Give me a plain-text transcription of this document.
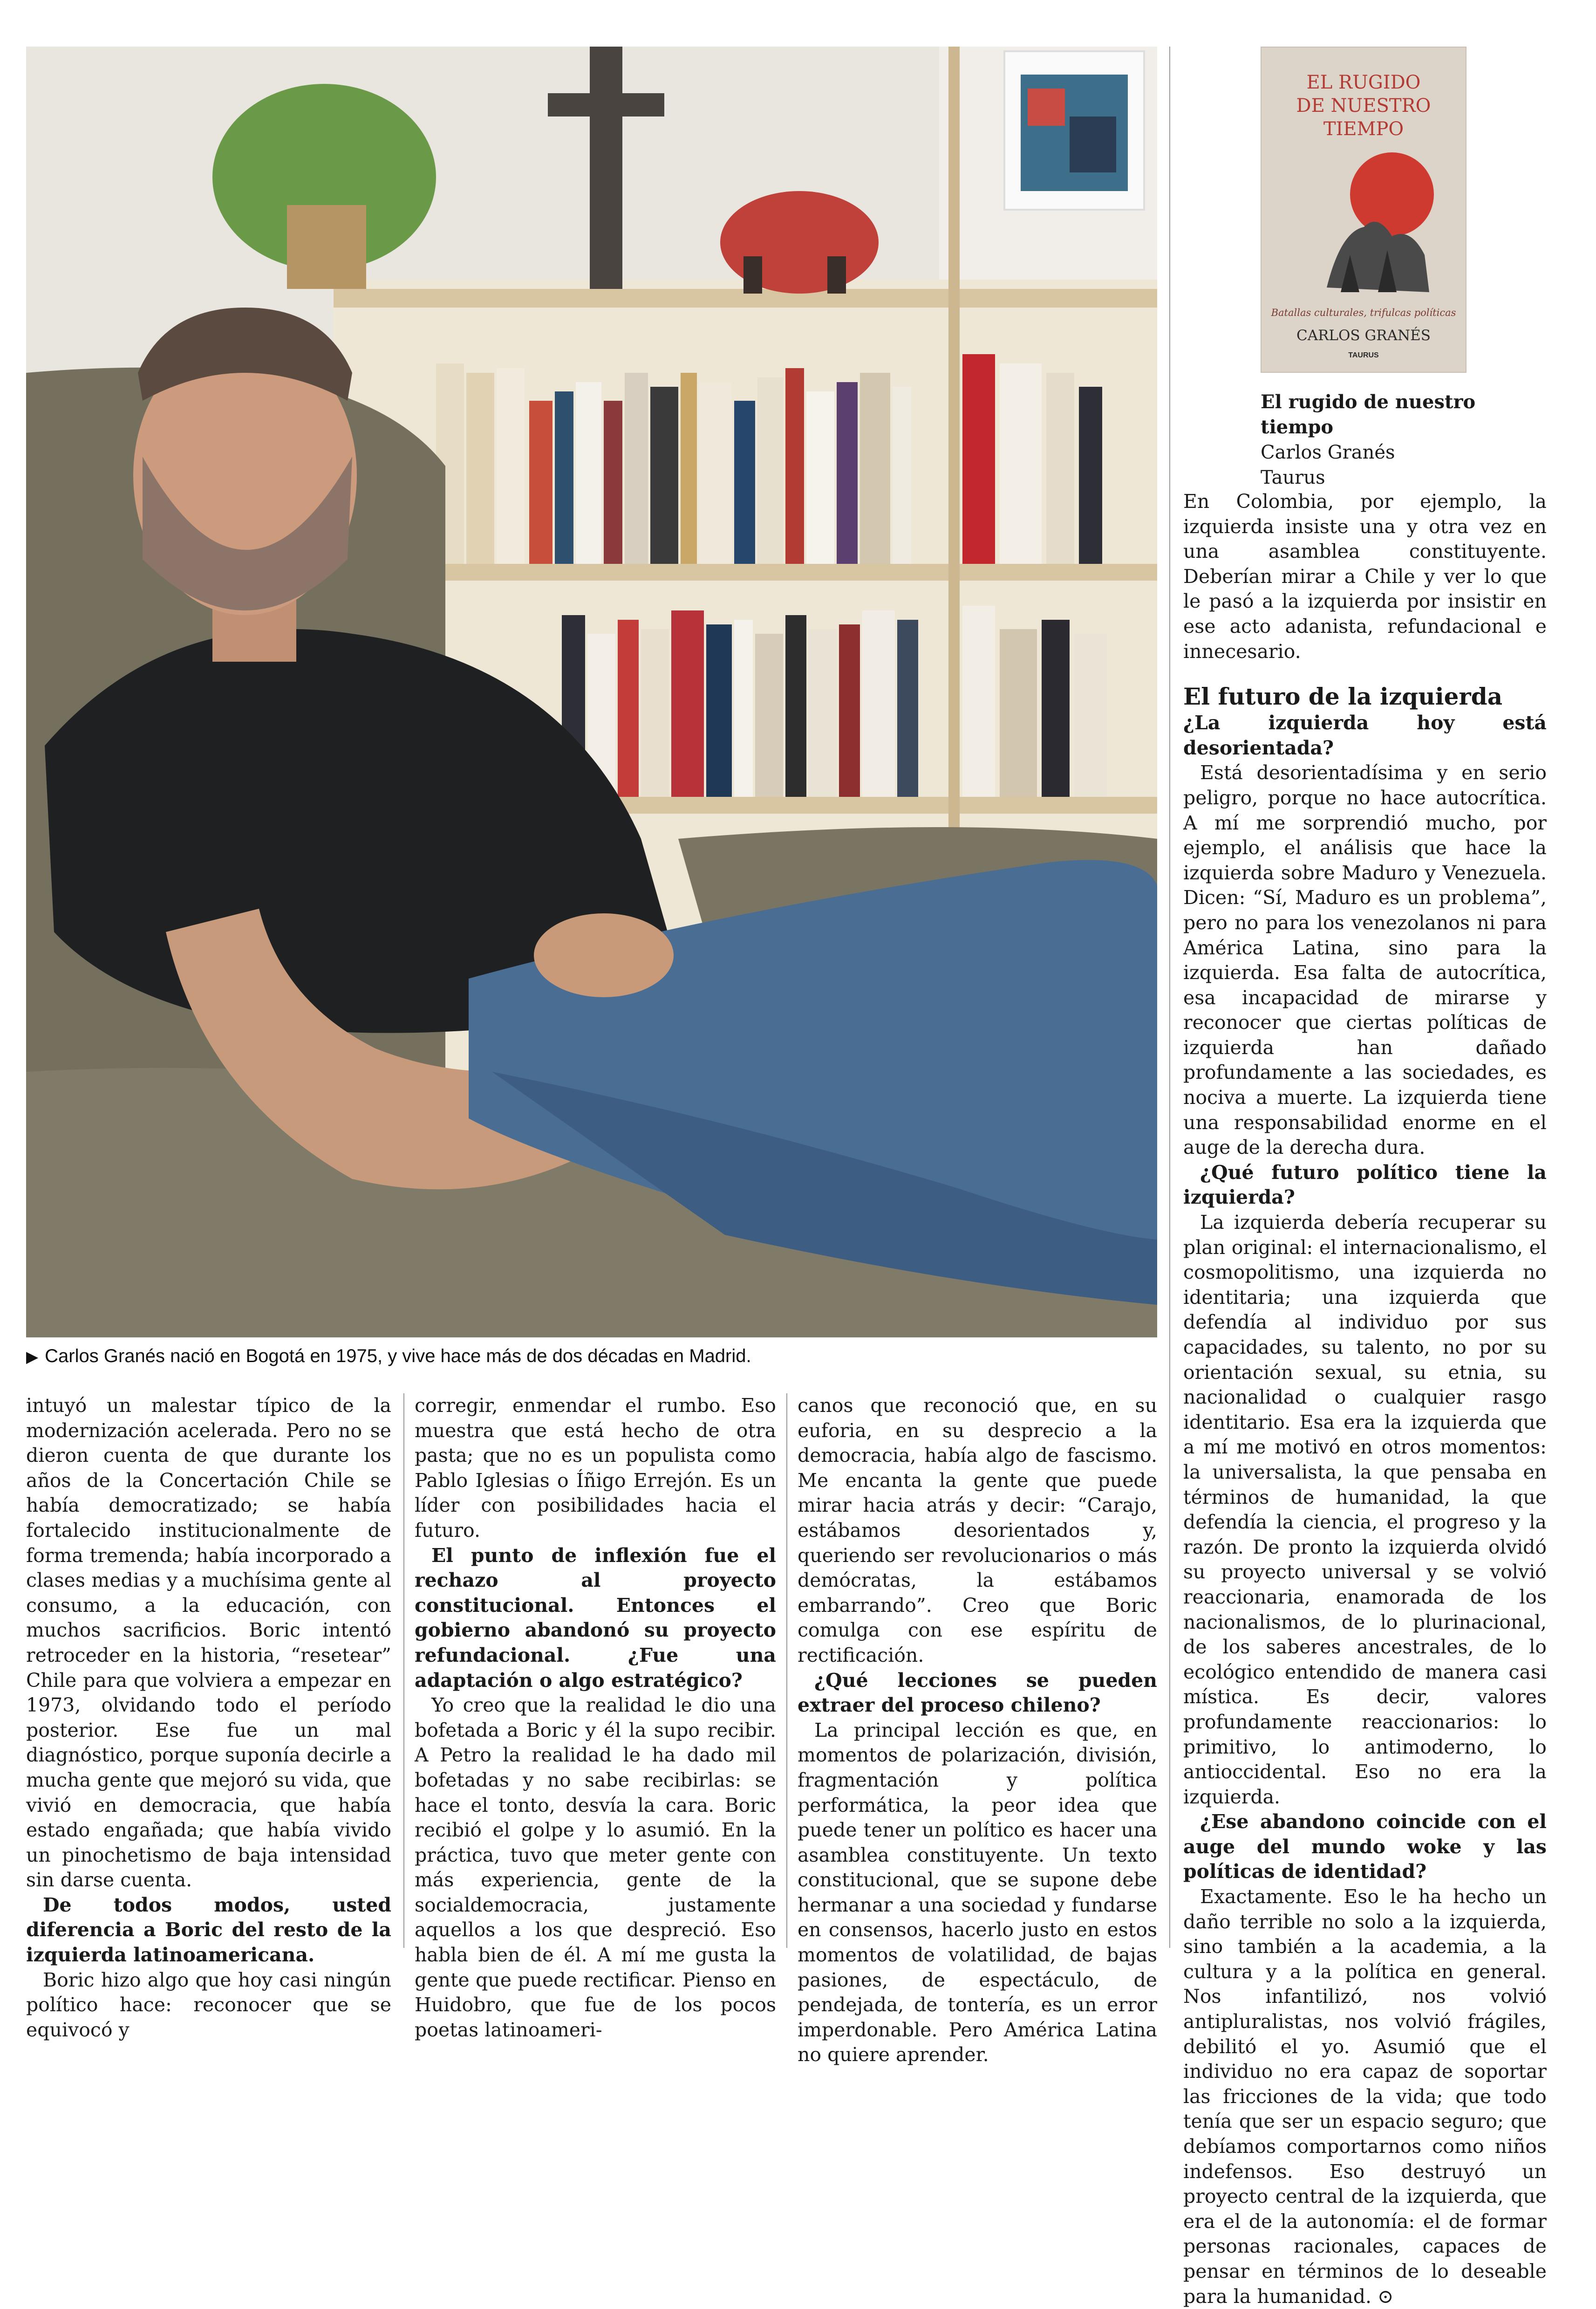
▶ Carlos Granés nació en Bogotá en 1975, y vive hace más de dos décadas en Madrid.
EL RUGIDO
DE NUESTRO
TIEMPO
Batallas culturales, trifulcas políticas
CARLOS GRANÉS
TAURUS
El rugido de nuestro tiempo
Carlos Granés
Taurus

intuyó un malestar típico de la modernización acelerada. Pero no se dieron cuenta de que durante los años de la Concertación Chile se había democratizado; se había fortalecido institucionalmente de forma tremenda; había incorporado a clases medias y a muchísima gente al consumo, a la educación, con muchos sacrificios. Boric intentó retroceder en la historia, “resetear” Chile para que volviera a empezar en 1973, olvidando todo el período posterior. Ese fue un mal diagnóstico, porque suponía decirle a mucha gente que mejoró su vida, que vivió en democracia, que había estado engañada; que había vivido un pinochetismo de baja intensidad sin darse cuenta.

De todos modos, usted diferencia a Boric del resto de la izquierda latinoamericana.

Boric hizo algo que hoy casi ningún político hace: reconocer que se equivocó y

corregir, enmendar el rumbo. Eso muestra que está hecho de otra pasta; que no es un populista como Pablo Iglesias o Íñigo Errejón. Es un líder con posibilidades hacia el futuro.

El punto de inflexión fue el rechazo al proyecto constitucional. Entonces el gobierno abandonó su proyecto refundacional. ¿Fue una adaptación o algo estratégico?

Yo creo que la realidad le dio una bofetada a Boric y él la supo recibir. A Petro la realidad le ha dado mil bofetadas y no sabe recibirlas: se hace el tonto, desvía la cara. Boric recibió el golpe y lo asumió. En la práctica, tuvo que meter gente con más experiencia, gente de la socialdemocracia, justamente aquellos a los que despreció. Eso habla bien de él. A mí me gusta la gente que puede rectificar. Pienso en Huidobro, que fue de los pocos poetas latinoameri-

canos que reconoció que, en su euforia, en su desprecio a la democracia, había algo de fascismo. Me encanta la gente que puede mirar hacia atrás y decir: “Carajo, estábamos desorientados y, queriendo ser revolucionarios o más demócratas, la estábamos embarrando”. Creo que Boric comulga con ese espíritu de rectificación.

¿Qué lecciones se pueden extraer del proceso chileno?

La principal lección es que, en momentos de polarización, división, fragmentación y política performática, la peor idea que puede tener un político es hacer una asamblea constituyente. Un texto constitucional, que se supone debe hermanar a una sociedad y fundarse en consensos, hacerlo justo en estos momentos de volatilidad, de bajas pasiones, de espectáculo, de pendejada, de tontería, es un error imperdonable. Pero América Latina no quiere aprender.

En Colombia, por ejemplo, la izquierda insiste una y otra vez en una asamblea constituyente. Deberían mirar a Chile y ver lo que le pasó a la izquierda por insistir en ese acto adanista, refundacional e innecesario.

El futuro de la izquierda

¿La izquierda hoy está desorientada?

Está desorientadísima y en serio peligro, porque no hace autocrítica. A mí me sorprendió mucho, por ejemplo, el análisis que hace la izquierda sobre Maduro y Venezuela. Dicen: “Sí, Maduro es un problema”, pero no para los venezolanos ni para América Latina, sino para la izquierda. Esa falta de autocrítica, esa incapacidad de mirarse y reconocer que ciertas políticas de izquierda han dañado profundamente a las sociedades, es nociva a muerte. La izquierda tiene una responsabilidad enorme en el auge de la derecha dura.

¿Qué futuro político tiene la izquierda?

La izquierda debería recuperar su plan original: el internacionalismo, el cosmopolitismo, una izquierda no identitaria; una izquierda que defendía al individuo por sus capacidades, su talento, no por su orientación sexual, su etnia, su nacionalidad o cualquier rasgo identitario. Esa era la izquierda que a mí me motivó en otros momentos: la universalista, la que pensaba en términos de humanidad, la que defendía la ciencia, el progreso y la razón. De pronto la izquierda olvidó su proyecto universal y se volvió reaccionaria, enamorada de los nacionalismos, de lo plurinacional, de los saberes ancestrales, de lo ecológico entendido de manera casi mística. Es decir, valores profundamente reaccionarios: lo primitivo, lo antimoderno, lo antioccidental. Eso no era la izquierda.

¿Ese abandono coincide con el auge del mundo woke y las políticas de identidad?

Exactamente. Eso le ha hecho un daño terrible no solo a la izquierda, sino también a la academia, a la cultura y a la política en general. Nos infantilizó, nos volvió antipluralistas, nos volvió frágiles, debilitó el yo. Asumió que el individuo no era capaz de soportar las fricciones de la vida; que todo tenía que ser un espacio seguro; que debíamos comportarnos como niños indefensos. Eso destruyó un proyecto central de la izquierda, que era el de la autonomía: el de formar personas racionales, capaces de pensar en términos de lo deseable para la humanidad. ⊙
